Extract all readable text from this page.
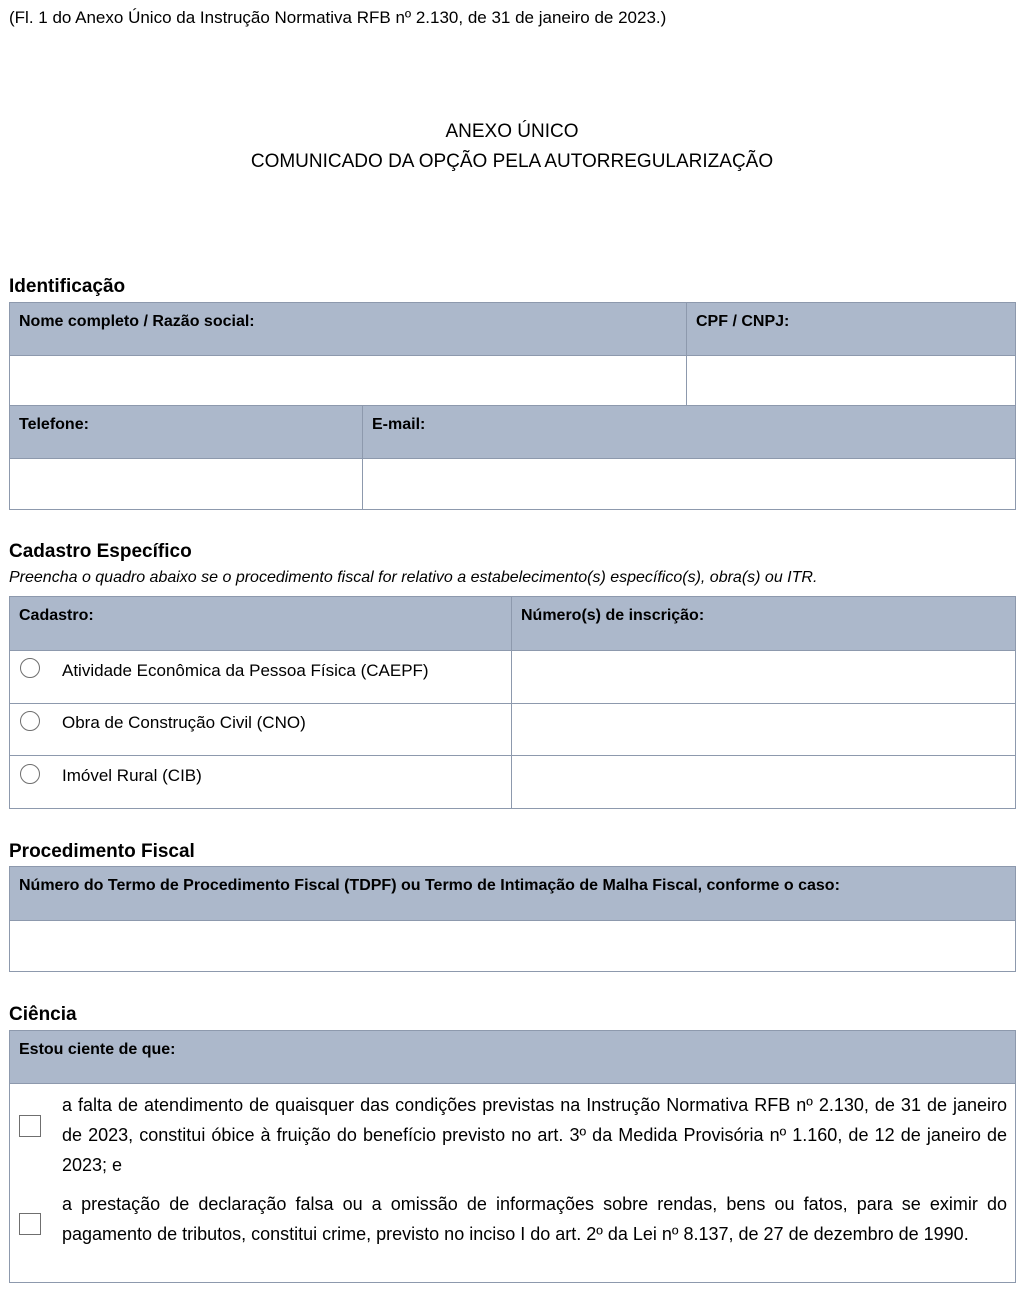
(Fl. 1 do Anexo Único da Instrução Normativa RFB nº 2.130, de 31 de janeiro de 2023.)
ANEXO ÚNICO
COMUNICADO DA OPÇÃO PELA AUTORREGULARIZAÇÃO
Identificação
Nome completo / Razão social:	CPF / CNPJ:
Telefone:	E-mail:
Cadastro Específico
Preencha o quadro abaixo se o procedimento fiscal for relativo a estabelecimento(s) específico(s), obra(s) ou ITR.
Cadastro:	Número(s) de inscrição:
Atividade Econômica da Pessoa Física (CAEPF)
Obra de Construção Civil (CNO)
Imóvel Rural (CIB)
Procedimento Fiscal
Número do Termo de Procedimento Fiscal (TDPF) ou Termo de Intimação de Malha Fiscal, conforme o caso:
Ciência
Estou ciente de que:
a falta de atendimento de quaisquer das condições previstas na Instrução Normativa RFB nº 2.130, de 31 de janeiro de 2023, constitui óbice à fruição do benefício previsto no art. 3º da Medida Provisória nº 1.160, de 12 de janeiro de 2023; e
a prestação de declaração falsa ou a omissão de informações sobre rendas, bens ou fatos, para se eximir do pagamento de tributos, constitui crime, previsto no inciso I do art. 2º da Lei nº 8.137, de 27 de dezembro de 1990.
